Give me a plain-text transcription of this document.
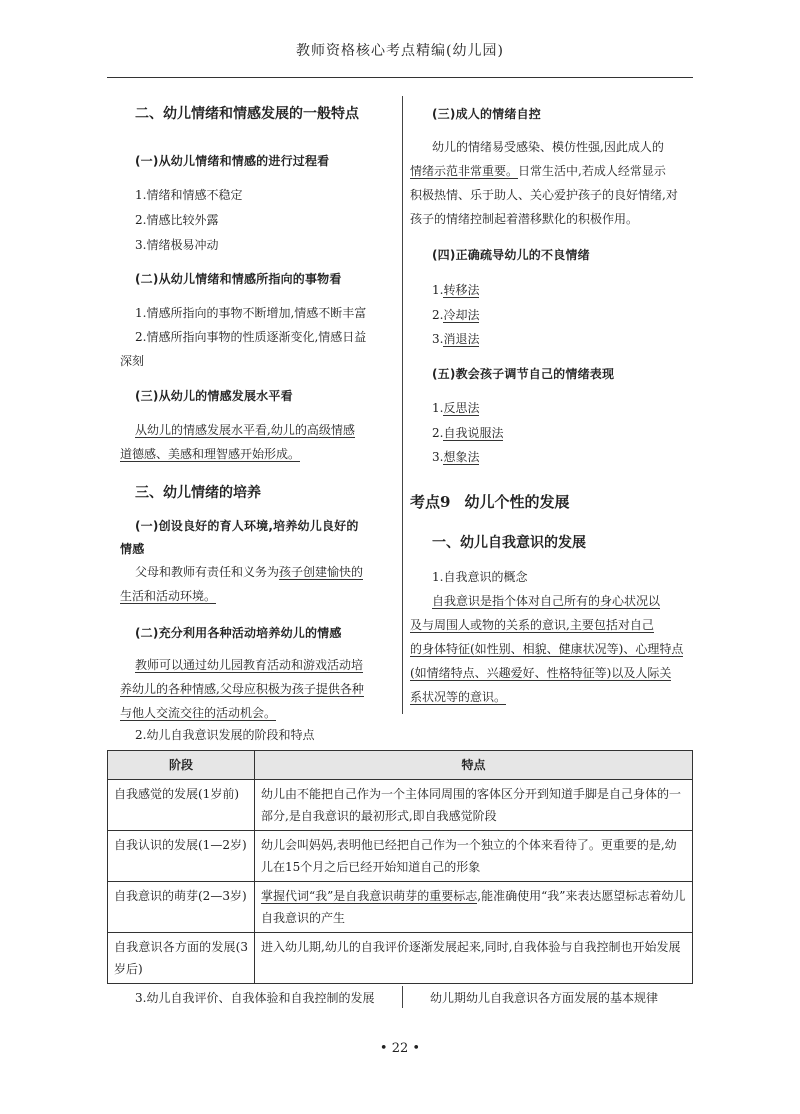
教师资格核心考点精编(幼儿园)
二、幼儿情绪和情感发展的一般特点
(一)从幼儿情绪和情感的进行过程看
1.情绪和情感不稳定
2.情感比较外露
3.情绪极易冲动
(二)从幼儿情绪和情感所指向的事物看
1.情感所指向的事物不断增加,情感不断丰富
2.情感所指向事物的性质逐渐变化,情感日益
深刻
(三)从幼儿的情感发展水平看
从幼儿的情感发展水平看,幼儿的高级情感
道德感、美感和理智感开始形成。
三、幼儿情绪的培养
(一)创设良好的育人环境,培养幼儿良好的
情感
父母和教师有责任和义务为孩子创建愉快的
生活和活动环境。
(二)充分利用各种活动培养幼儿的情感
教师可以通过幼儿园教育活动和游戏活动培
养幼儿的各种情感,父母应积极为孩子提供各种
与他人交流交往的活动机会。
(三)成人的情绪自控
幼儿的情绪易受感染、模仿性强,因此成人的
情绪示范非常重要。日常生活中,若成人经常显示
积极热情、乐于助人、关心爱护孩子的良好情绪,对
孩子的情绪控制起着潜移默化的积极作用。
(四)正确疏导幼儿的不良情绪
1.转移法
2.冷却法
3.消退法
(五)教会孩子调节自己的情绪表现
1.反思法
2.自我说服法
3.想象法
考点9 幼儿个性的发展
一、幼儿自我意识的发展
1.自我意识的概念
自我意识是指个体对自己所有的身心状况以
及与周围人或物的关系的意识,主要包括对自己
的身体特征(如性别、相貌、健康状况等)、心理特点
(如情绪特点、兴趣爱好、性格特征等)以及人际关
系状况等的意识。
2.幼儿自我意识发展的阶段和特点
阶段	特点
自我感觉的发展(1岁前)	幼儿由不能把自己作为一个主体同周围的客体区分开到知道手脚是自己身体的一部分,是自我意识的最初形式,即自我感觉阶段
自我认识的发展(1—2岁)	幼儿会叫妈妈,表明他已经把自己作为一个独立的个体来看待了。更重要的是,幼儿在15个月之后已经开始知道自己的形象
自我意识的萌芽(2—3岁)	掌握代词“我”是自我意识萌芽的重要标志,能准确使用“我”来表达愿望标志着幼儿自我意识的产生
自我意识各方面的发展(3岁后)	进入幼儿期,幼儿的自我评价逐渐发展起来,同时,自我体验与自我控制也开始发展
3.幼儿自我评价、自我体验和自我控制的发展	幼儿期幼儿自我意识各方面发展的基本规律
• 22 •
